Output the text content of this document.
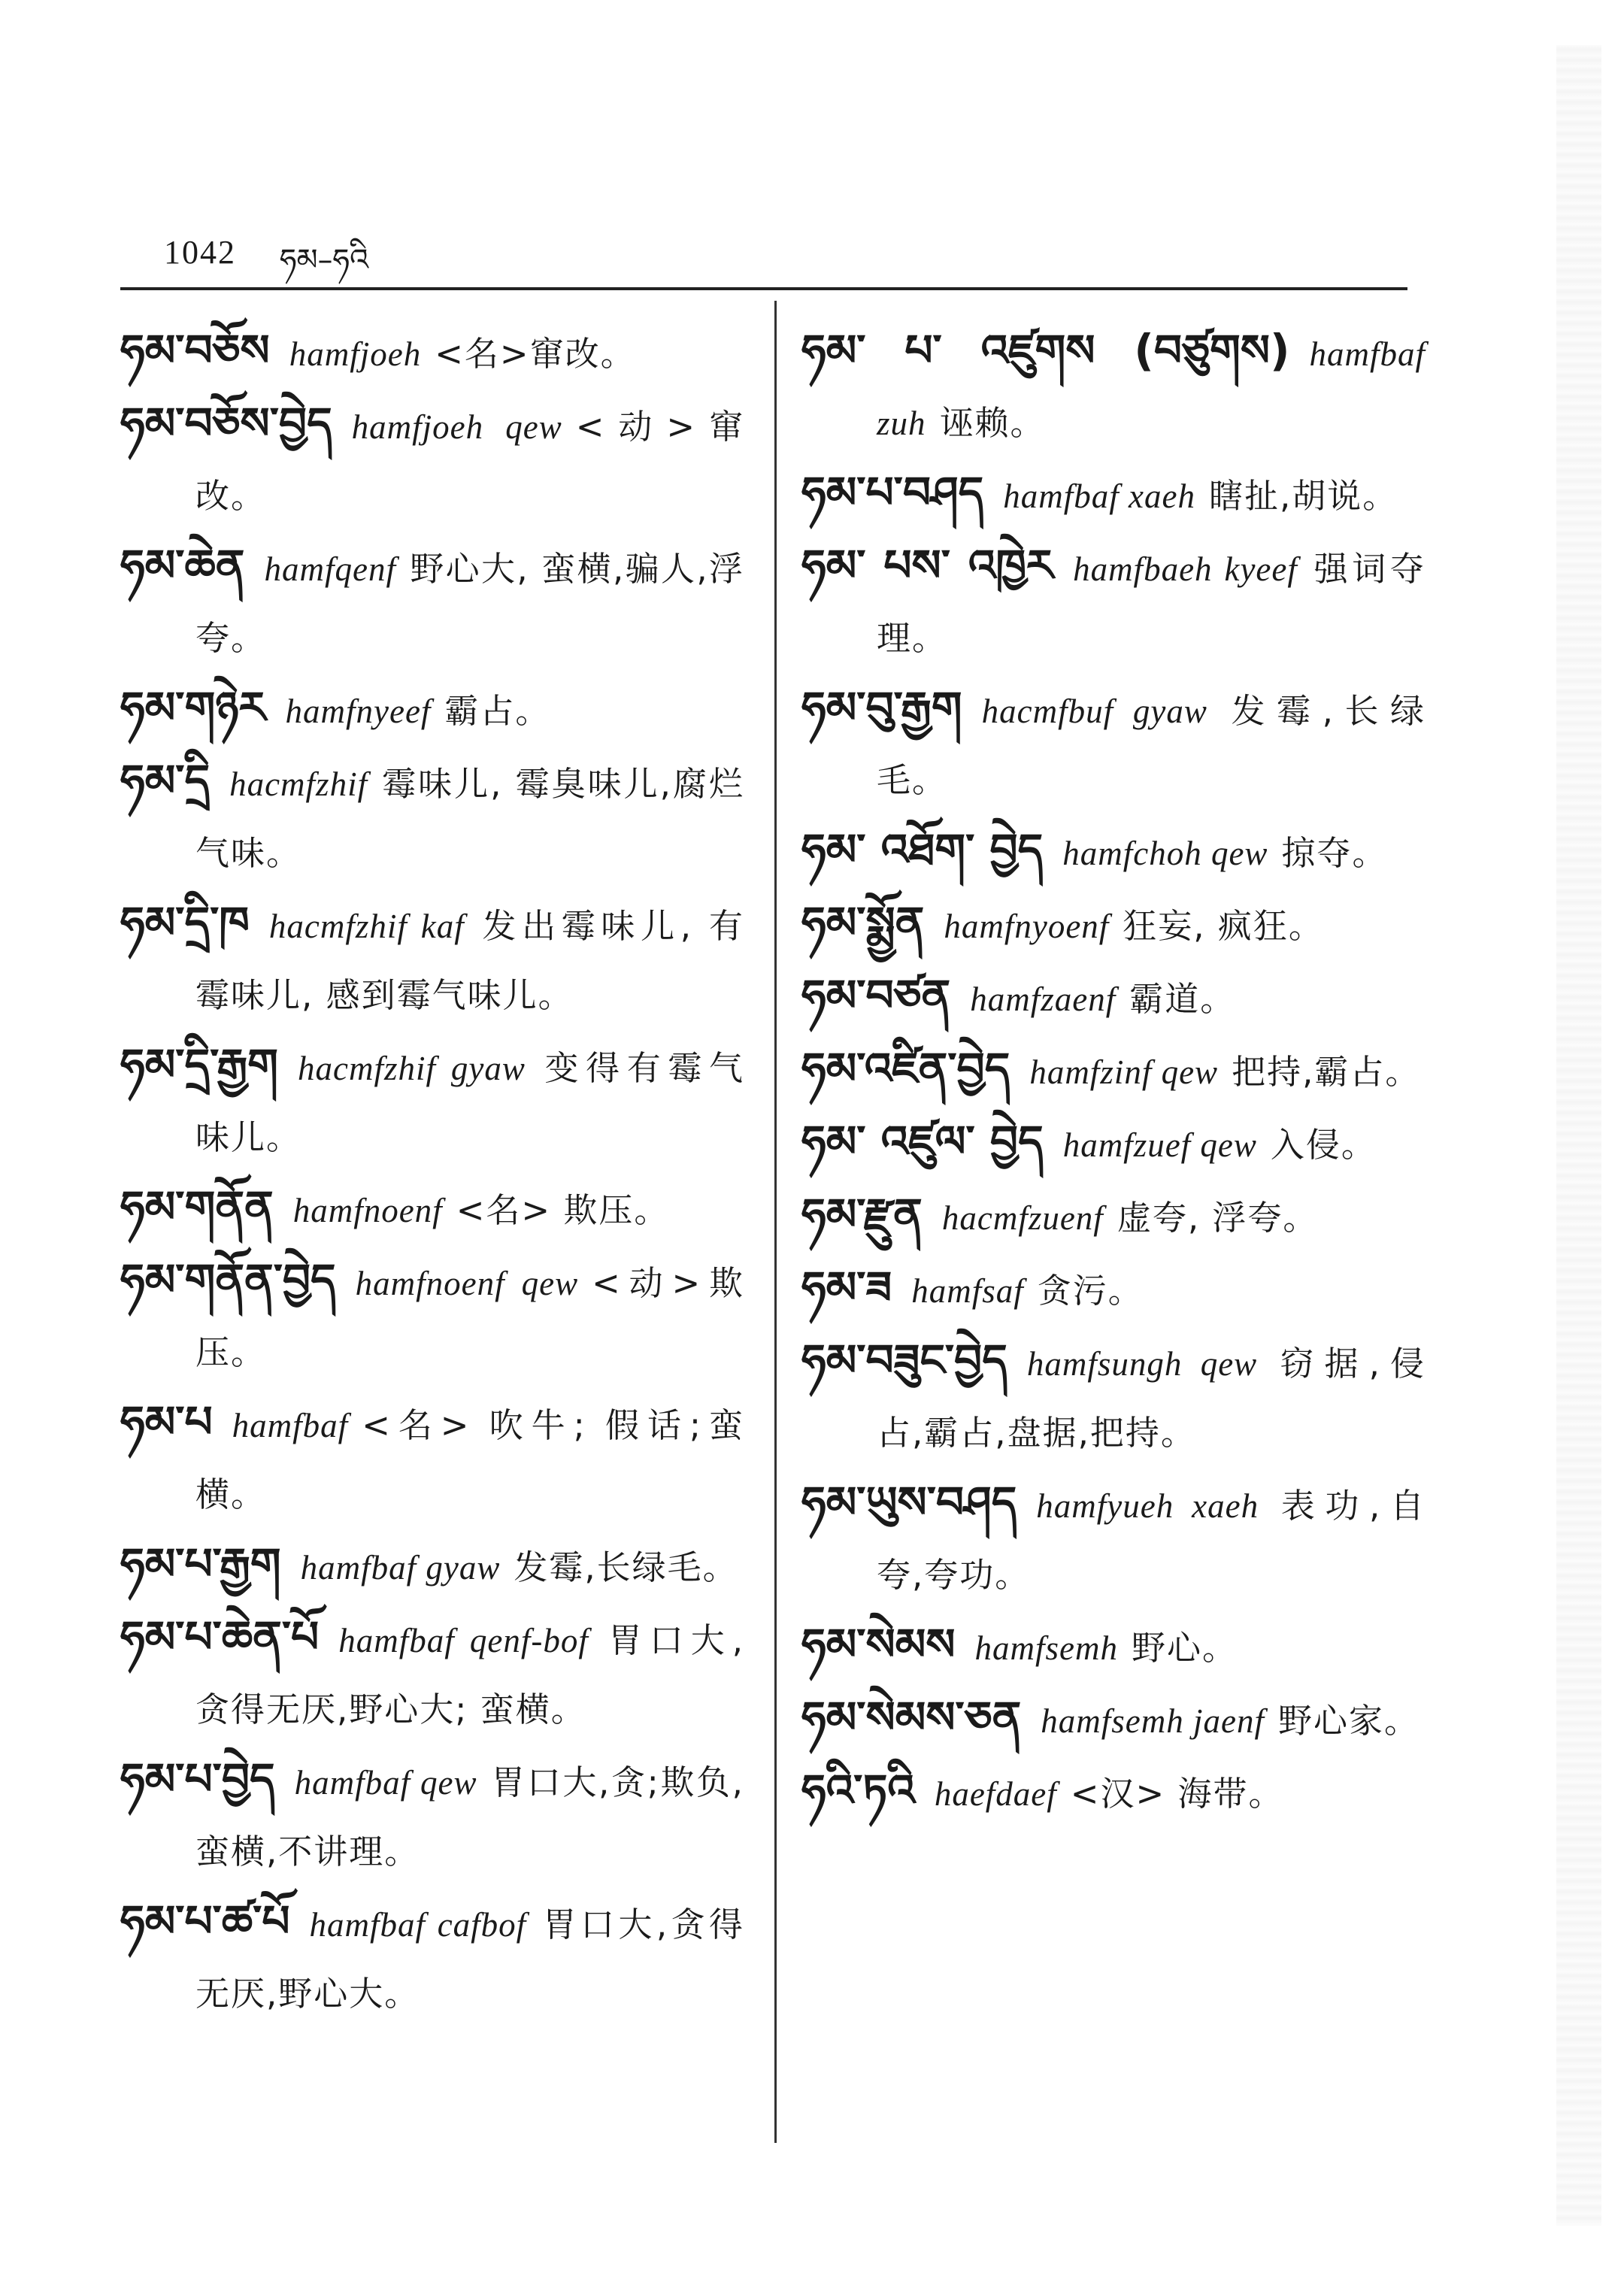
1042 ཧམ–ཧའི

ཧམ་བཅོས hamfjoeh <名>窜改。

ཧམ་བཅོས་བྱེད hamfjoeh qew <动>窜改。

ཧམ་ཆེན hamfqenf 野心大, 蛮横,骗人,浮夸。

ཧམ་གཉེར hamfnyeef 霸占。

ཧམ་དྲི hacmfzhif 霉味儿, 霉臭味儿,腐烂气味。

ཧམ་དྲི་ཁ hacmfzhif kaf 发出霉味儿, 有霉味儿, 感到霉气味儿。

ཧམ་དྲི་རྒྱག hacmfzhif gyaw 变得有霉气味儿。

ཧམ་གནོན hamfnoenf <名> 欺压。

ཧམ་གནོན་བྱེད hamfnoenf qew <动>欺压。

ཧམ་པ hamfbaf <名> 吹牛; 假话;蛮横。

ཧམ་པ་རྒྱག hamfbaf gyaw 发霉,长绿毛。

ཧམ་པ་ཆེན་པོ hamfbaf qenf-bof 胃口大,贪得无厌,野心大; 蛮横。

ཧམ་པ་བྱེད hamfbaf qew 胃口大,贪;欺负,蛮横,不讲理。

ཧམ་པ་ཚ་པོ hamfbaf cafbof 胃口大,贪得无厌,野心大。

ཧམ་ པ་ འཛུགས (བཙུགས) hamfbaf zuh 诬赖。

ཧམ་པ་བཤད hamfbaf xaeh 瞎扯,胡说。

ཧམ་ པས་ འཁྱེར hamfbaeh kyeef 强词夺理。

ཧམ་བུ་རྒྱག hacmfbuf gyaw 发霉,长绿毛。

ཧམ་ འཐོག་ བྱེད hamfchoh qew 掠夺。

ཧམ་སྨྱོན hamfnyoenf 狂妄, 疯狂。

ཧམ་བཙན hamfzaenf 霸道。

ཧམ་འཛིན་བྱེད hamfzinf qew 把持,霸占。

ཧམ་ འཛུལ་ བྱེད hamfzuef qew 入侵。

ཧམ་རྫུན hacmfzuenf 虚夸, 浮夸。

ཧམ་ཟ hamfsaf 贪污。

ཧམ་བཟུང་བྱེད hamfsungh qew 窃据,侵占,霸占,盘据,把持。

ཧམ་ཡུས་བཤད hamfyueh xaeh 表功,自夸,夸功。

ཧམ་སེམས hamfsemh 野心。

ཧམ་སེམས་ཅན hamfsemh jaenf 野心家。

ཧའི་ཏའི haefdaef <汉> 海带。
